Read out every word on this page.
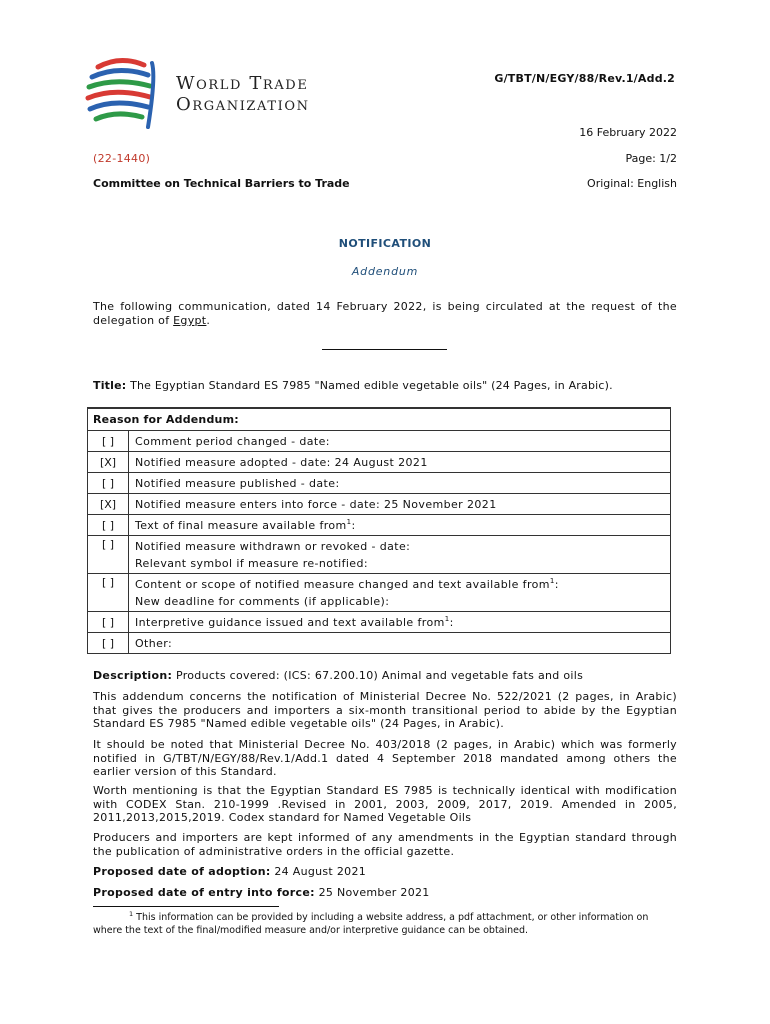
World Trade
Organization
G/TBT/N/EGY/88/Rev.1/Add.2
16 February 2022
(22-1440)	Page: 1/2
Committee on Technical Barriers to Trade	Original: English
NOTIFICATION
Addendum
The following communication, dated 14 February 2022, is being circulated at the request of the delegation of Egypt.
Title: The Egyptian Standard ES 7985 "Named edible vegetable oils" (24 Pages, in Arabic).
Reason for Addendum:	
[ ]	Comment period changed - date:
[X]	Notified measure adopted - date: 24 August 2021
[ ]	Notified measure published - date:
[X]	Notified measure enters into force - date: 25 November 2021
[ ]	Text of final measure available from$^1$:
[ ]	Notified measure withdrawn or revoked - date:
Relevant symbol if measure re-notified:

[ ]	Content or scope of notified measure changed and text available from$^1$:
New deadline for comments (if applicable):

[ ]	Interpretive guidance issued and text available from$^1$:
[ ]	Other:
Description: Products covered: (ICS: 67.200.10) Animal and vegetable fats and oils
This addendum concerns the notification of Ministerial Decree No. 522/2021 (2 pages, in Arabic) that gives the producers and importers a six-month transitional period to abide by the Egyptian Standard ES 7985 "Named edible vegetable oils" (24 Pages, in Arabic).
It should be noted that Ministerial Decree No. 403/2018 (2 pages, in Arabic) which was formerly notified in G/TBT/N/EGY/88/Rev.1/Add.1 dated 4 September 2018 mandated among others the earlier version of this Standard.
Worth mentioning is that the Egyptian Standard ES 7985 is technically identical with modification with CODEX Stan. 210-1999 .Revised in 2001, 2003, 2009, 2017, 2019. Amended in 2005, 2011,2013,2015,2019. Codex standard for Named Vegetable Oils
Producers and importers are kept informed of any amendments in the Egyptian standard through the publication of administrative orders in the official gazette.
Proposed date of adoption: 24 August 2021
Proposed date of entry into force: 25 November 2021
$^1$ This information can be provided by including a website address, a pdf attachment, or other information on where the text of the final/modified measure and/or interpretive guidance can be obtained.
